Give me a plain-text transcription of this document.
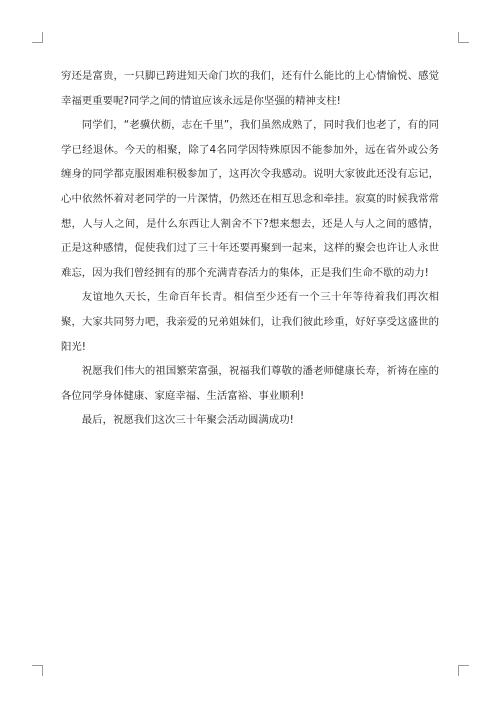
穷还是富贵，一只脚已跨进知天命门坎的我们，还有什么能比的上心情愉悦、感觉幸福更重要呢?同学之间的情谊应该永远是你坚强的精神支柱!

同学们，“老骥伏枥，志在千里”，我们虽然成熟了，同时我们也老了，有的同学已经退休。今天的相聚，除了4名同学因特殊原因不能参加外，远在省外或公务缠身的同学都克服困难积极参加了，这再次令我感动。说明大家彼此还没有忘记，心中依然怀着对老同学的一片深情，仍然还在相互思念和牵挂。寂寞的时候我常常想，人与人之间，是什么东西让人割舍不下?想来想去，还是人与人之间的感情，正是这种感情，促使我们过了三十年还要再聚到一起来，这样的聚会也许让人永世难忘，因为我们曾经拥有的那个充满青春活力的集体，正是我们生命不歇的动力!

友谊地久天长，生命百年长青。相信至少还有一个三十年等待着我们再次相聚，大家共同努力吧，我亲爱的兄弟姐妹们，让我们彼此珍重，好好享受这盛世的阳光!

祝愿我们伟大的祖国繁荣富强，祝福我们尊敬的潘老师健康长寿，祈祷在座的各位同学身体健康、家庭幸福、生活富裕、事业顺利!

最后，祝愿我们这次三十年聚会活动圆满成功!
